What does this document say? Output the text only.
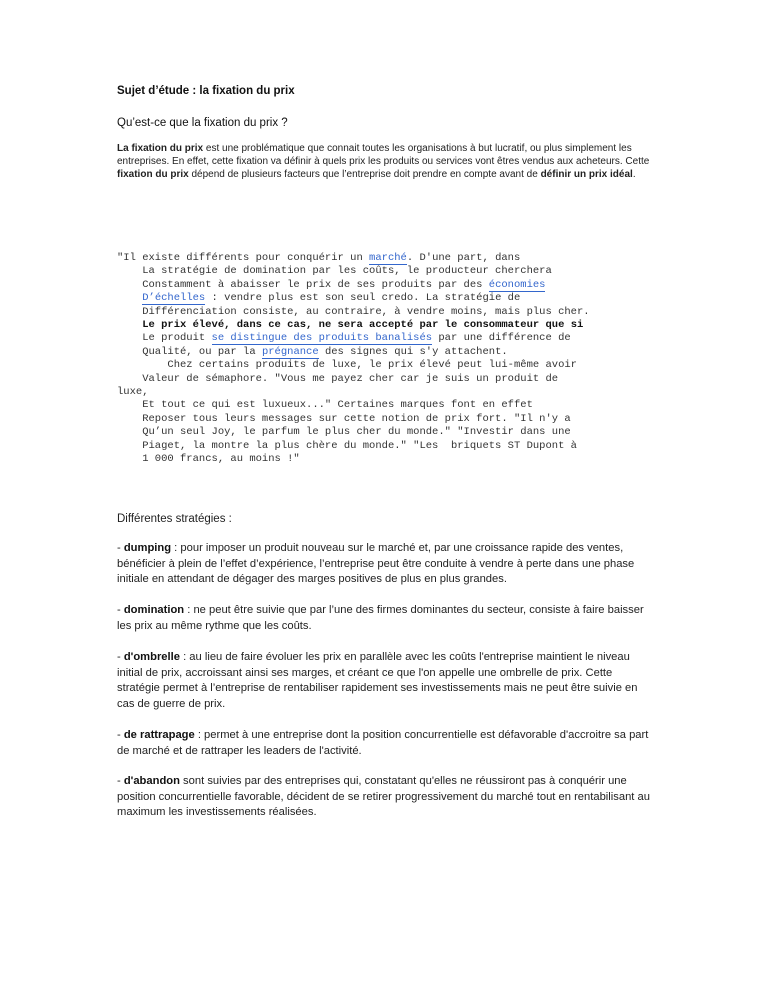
Sujet d’étude : la fixation du prix
Qu’est-ce que la fixation du prix ?

La fixation du prix est une problématique que connait toutes les organisations à but lucratif, ou plus simplement les entreprises. En effet, cette fixation va définir à quels prix les produits ou services vont êtres vendus aux acheteurs. Cette fixation du prix dépend de plusieurs facteurs que l’entreprise doit prendre en compte avant de définir un prix idéal.

"Il existe différents pour conquérir un marché. D'une part, dans
La stratégie de domination par les coûts, le producteur cherchera
Constamment à abaisser le prix de ses produits par des économies
D’échelles : vendre plus est son seul credo. La stratégie de
Différenciation consiste, au contraire, à vendre moins, mais plus cher.
Le prix élevé, dans ce cas, ne sera accepté par le consommateur que si
Le produit se distingue des produits banalisés par une différence de
Qualité, ou par la prégnance des signes qui s'y attachent.
Chez certains produits de luxe, le prix élevé peut lui-même avoir
Valeur de sémaphore. "Vous me payez cher car je suis un produit de
luxe,
Et tout ce qui est luxueux..." Certaines marques font en effet
Reposer tous leurs messages sur cette notion de prix fort. "Il n'y a
Qu’un seul Joy, le parfum le plus cher du monde." "Investir dans une
Piaget, la montre la plus chère du monde." "Les  briquets ST Dupont à
1 000 francs, au moins !"
Différentes stratégies :

- dumping : pour imposer un produit nouveau sur le marché et, par une croissance rapide des ventes, bénéficier à plein de l’effet d’expérience, l’entreprise peut être conduite à vendre à perte dans une phase initiale en attendant de dégager des marges positives de plus en plus grandes.

- domination : ne peut être suivie que par l’une des firmes dominantes du secteur, consiste à faire baisser les prix au même rythme que les coûts.

- d'ombrelle : au lieu de faire évoluer les prix en parallèle avec les coûts l'entreprise maintient le niveau initial de prix, accroissant ainsi ses marges, et créant ce que l'on appelle une ombrelle de prix. Cette stratégie permet à l’entreprise de rentabiliser rapidement ses investissements mais ne peut être suivie en cas de guerre de prix.

- de rattrapage : permet à une entreprise dont la position concurrentielle est défavorable d'accroitre sa part de marché et de rattraper les leaders de l'activité.

- d'abandon sont suivies par des entreprises qui, constatant qu'elles ne réussiront pas à conquérir une position concurrentielle favorable, décident de se retirer progressivement du marché tout en rentabilisant au maximum les investissements réalisées.
